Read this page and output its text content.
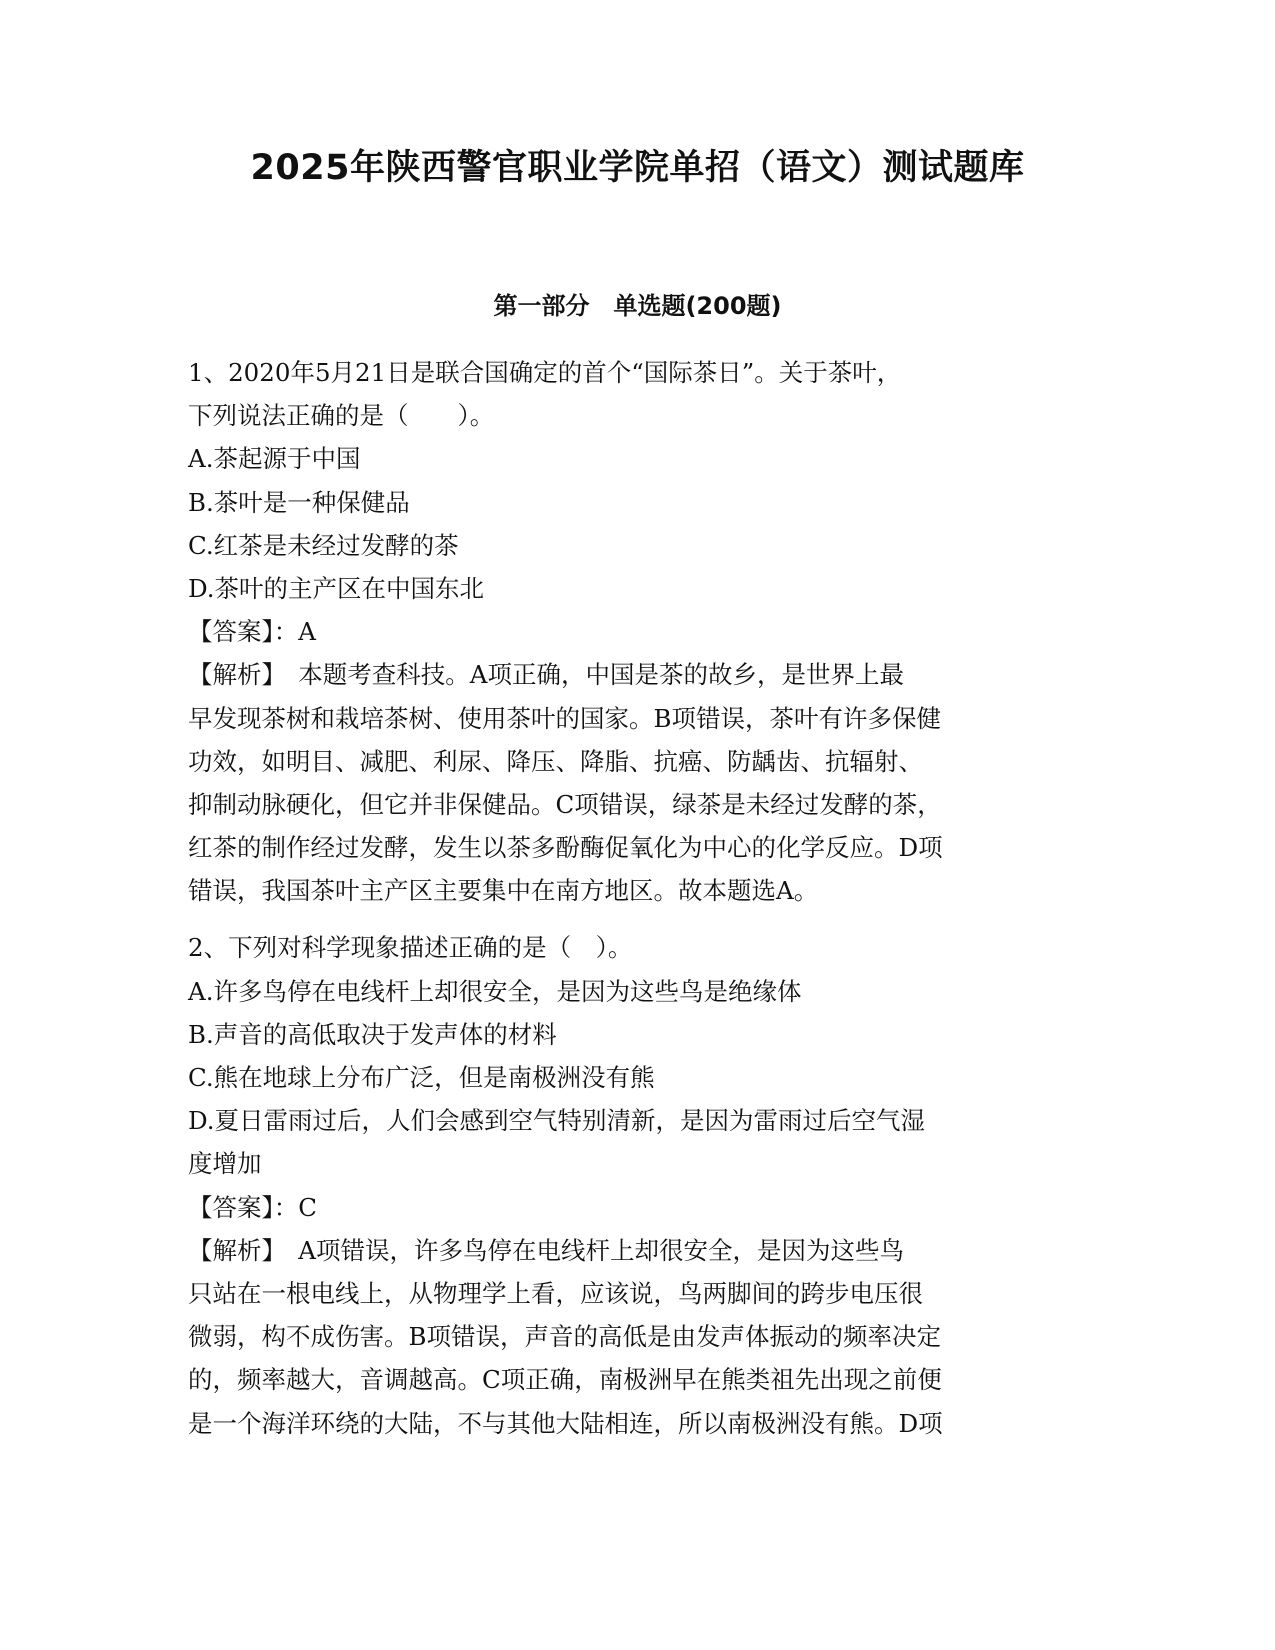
2025年陕西警官职业学院单招（语文）测试题库
第一部分　单选题(200题)
1、2020年5月21日是联合国确定的首个“国际茶日”。关于茶叶，
下列说法正确的是（　　）。
A.茶起源于中国
B.茶叶是一种保健品
C.红茶是未经过发酵的茶
D.茶叶的主产区在中国东北
【答案】：A
【解析】　本题考查科技。A项正确，中国是茶的故乡，是世界上最
早发现茶树和栽培茶树、使用茶叶的国家。B项错误，茶叶有许多保健
功效，如明目、减肥、利尿、降压、降脂、抗癌、防龋齿、抗辐射、
抑制动脉硬化，但它并非保健品。C项错误，绿茶是未经过发酵的茶，
红茶的制作经过发酵，发生以茶多酚酶促氧化为中心的化学反应。D项
错误，我国茶叶主产区主要集中在南方地区。故本题选A。
2、下列对科学现象描述正确的是（　）。
A.许多鸟停在电线杆上却很安全，是因为这些鸟是绝缘体
B.声音的高低取决于发声体的材料
C.熊在地球上分布广泛，但是南极洲没有熊
D.夏日雷雨过后，人们会感到空气特别清新，是因为雷雨过后空气湿
度增加
【答案】：C
【解析】　A项错误，许多鸟停在电线杆上却很安全，是因为这些鸟
只站在一根电线上，从物理学上看，应该说，鸟两脚间的跨步电压很
微弱，构不成伤害。B项错误，声音的高低是由发声体振动的频率决定
的，频率越大，音调越高。C项正确，南极洲早在熊类祖先出现之前便
是一个海洋环绕的大陆，不与其他大陆相连，所以南极洲没有熊。D项
